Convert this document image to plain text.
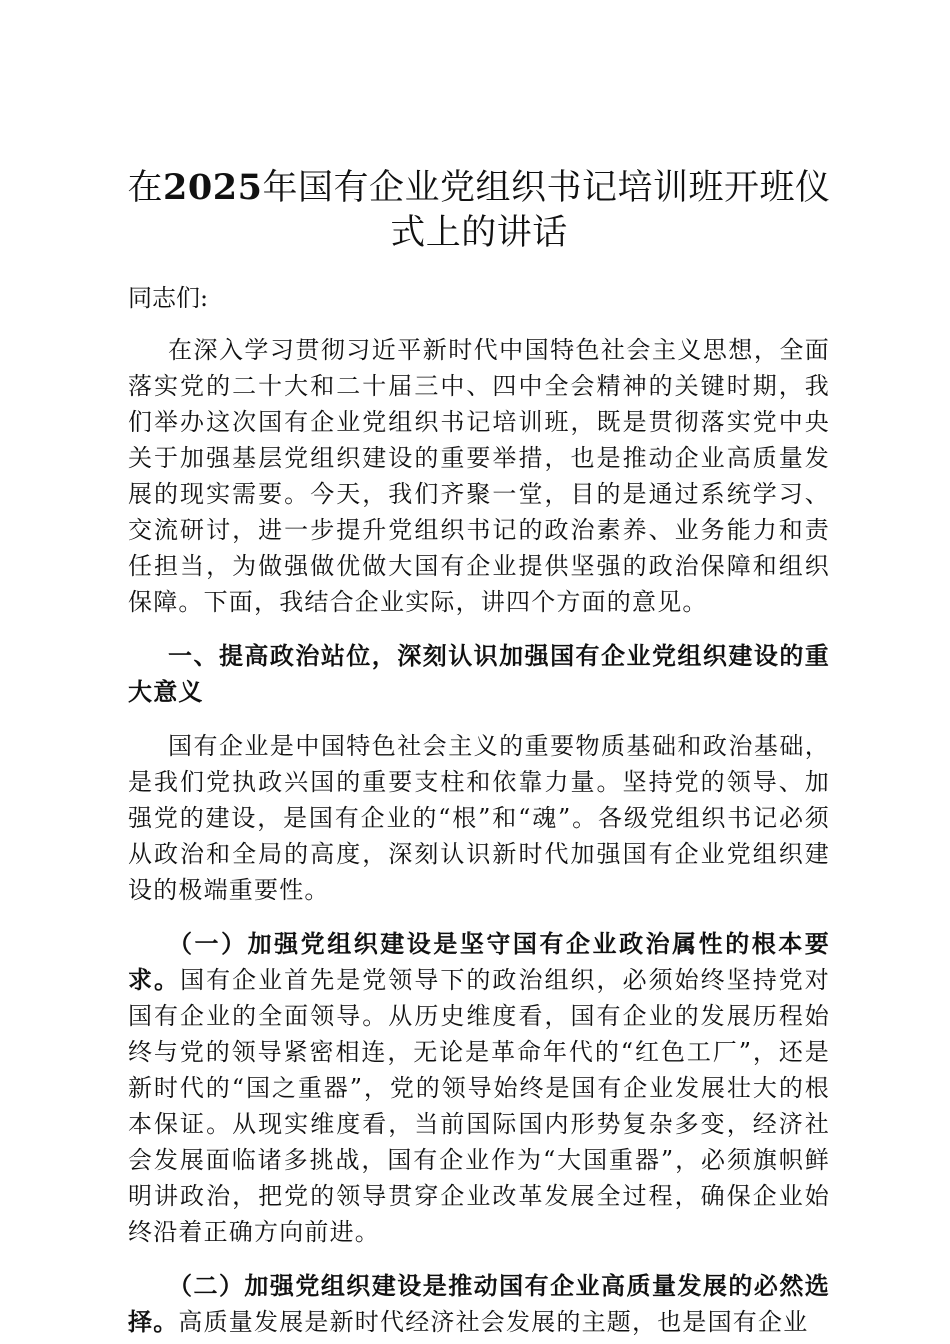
在2025年国有企业党组织书记培训班开班仪式上的讲话

同志们:

在深入学习贯彻习近平新时代中国特色社会主义思想，全面落实党的二十大和二十届三中、四中全会精神的关键时期，我们举办这次国有企业党组织书记培训班，既是贯彻落实党中央关于加强基层党组织建设的重要举措，也是推动企业高质量发展的现实需要。今天，我们齐聚一堂，目的是通过系统学习、交流研讨，进一步提升党组织书记的政治素养、业务能力和责任担当，为做强做优做大国有企业提供坚强的政治保障和组织保障。下面，我结合企业实际，讲四个方面的意见。

一、提高政治站位，深刻认识加强国有企业党组织建设的重大意义

国有企业是中国特色社会主义的重要物质基础和政治基础，是我们党执政兴国的重要支柱和依靠力量。坚持党的领导、加强党的建设，是国有企业的“根”和“魂”。各级党组织书记必须从政治和全局的高度，深刻认识新时代加强国有企业党组织建设的极端重要性。

（一）加强党组织建设是坚守国有企业政治属性的根本要求。国有企业首先是党领导下的政治组织，必须始终坚持党对国有企业的全面领导。从历史维度看，国有企业的发展历程始终与党的领导紧密相连，无论是革命年代的“红色工厂”，还是新时代的“国之重器”，党的领导始终是国有企业发展壮大的根本保证。从现实维度看，当前国际国内形势复杂多变，经济社会发展面临诸多挑战，国有企业作为“大国重器”，必须旗帜鲜明讲政治，把党的领导贯穿企业改革发展全过程，确保企业始终沿着正确方向前进。

（二）加强党组织建设是推动国有企业高质量发展的必然选择。高质量发展是新时代经济社会发展的主题，也是国有企业
